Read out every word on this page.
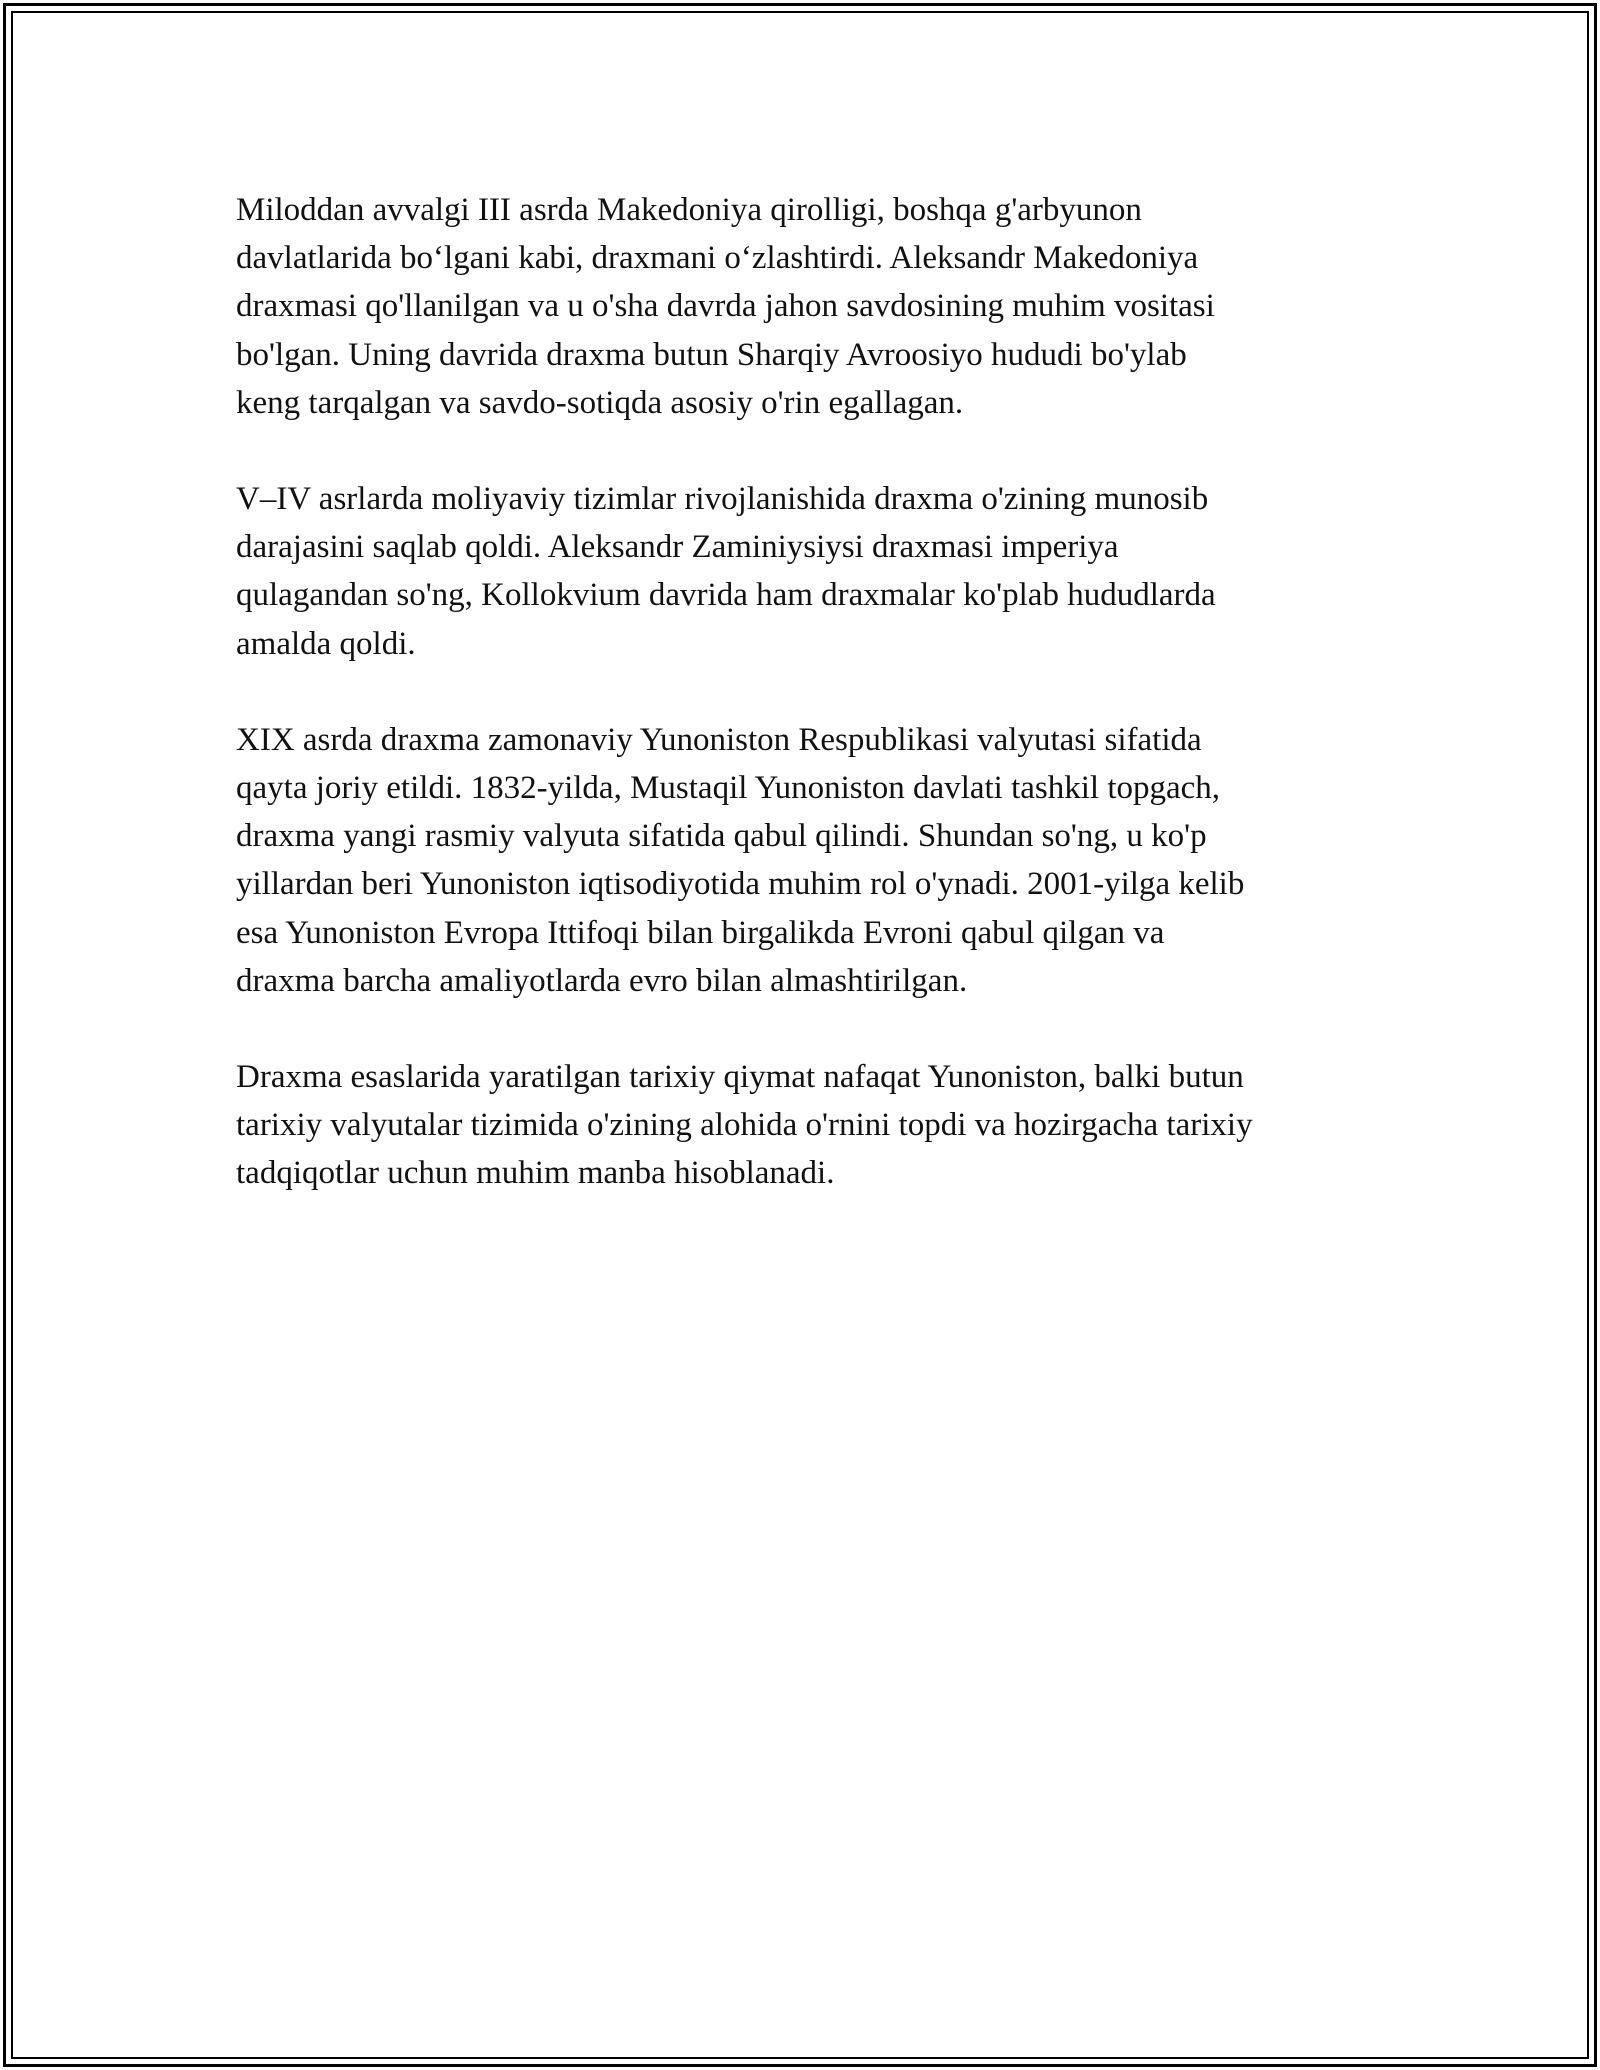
Miloddan avvalgi III asrda Makedoniya qirolligi, boshqa g'arbyunon
davlatlarida bo‘lgani kabi, draxmani o‘zlashtirdi. Aleksandr Makedoniya
draxmasi qo'llanilgan va u o'sha davrda jahon savdosining muhim vositasi
bo'lgan. Uning davrida draxma butun Sharqiy Avroosiyo hududi bo'ylab
keng tarqalgan va savdo-sotiqda asosiy o'rin egallagan.

V–IV asrlarda moliyaviy tizimlar rivojlanishida draxma o'zining munosib
darajasini saqlab qoldi. Aleksandr Zaminiysiysi draxmasi imperiya
qulagandan so'ng, Kollokvium davrida ham draxmalar ko'plab hududlarda
amalda qoldi.

XIX asrda draxma zamonaviy Yunoniston Respublikasi valyutasi sifatida
qayta joriy etildi. 1832-yilda, Mustaqil Yunoniston davlati tashkil topgach,
draxma yangi rasmiy valyuta sifatida qabul qilindi. Shundan so'ng, u ko'p
yillardan beri Yunoniston iqtisodiyotida muhim rol o'ynadi. 2001-yilga kelib
esa Yunoniston Evropa Ittifoqi bilan birgalikda Evroni qabul qilgan va
draxma barcha amaliyotlarda evro bilan almashtirilgan.

Draxma esaslarida yaratilgan tarixiy qiymat nafaqat Yunoniston, balki butun
tarixiy valyutalar tizimida o'zining alohida o'rnini topdi va hozirgacha tarixiy
tadqiqotlar uchun muhim manba hisoblanadi.
